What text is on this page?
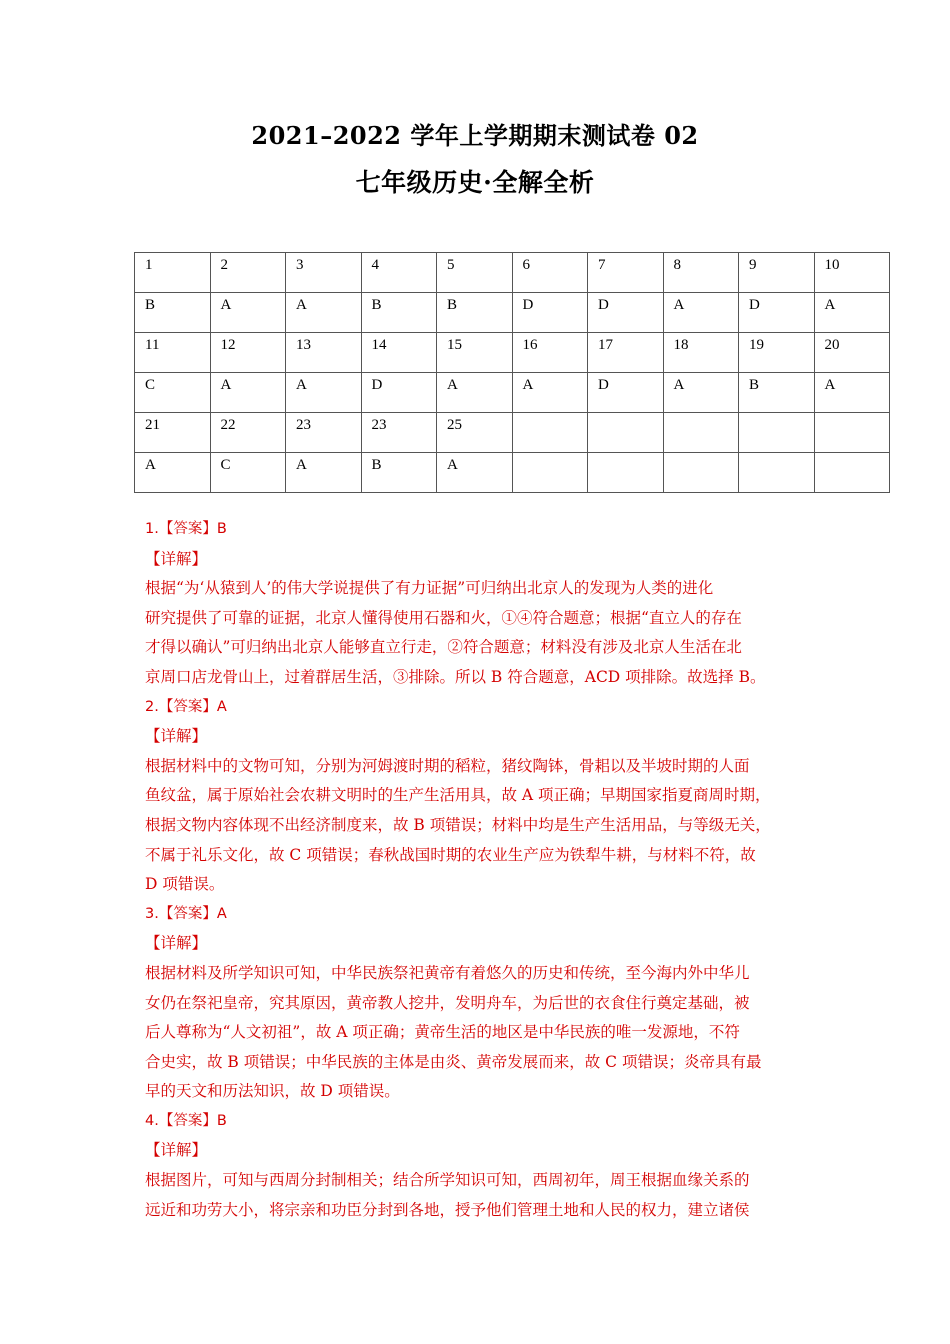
2021–2022 学年上学期期末测试卷 02
七年级历史·全解全析
1	2	3	4	5	6	7	8	9	10
B	A	A	B	B	D	D	A	D	A
11	12	13	14	15	16	17	18	19	20
C	A	A	D	A	A	D	A	B	A
21	22	23	23	25					
A	C	A	B	A					
1.【答案】B
【详解】
根据“为‘从猿到人’的伟大学说提供了有力证据”可归纳出北京人的发现为人类的进化
研究提供了可靠的证据，北京人懂得使用石器和火，①④符合题意；根据“直立人的存在
才得以确认”可归纳出北京人能够直立行走，②符合题意；材料没有涉及北京人生活在北
京周口店龙骨山上，过着群居生活，③排除。所以 B 符合题意，ACD 项排除。故选择 B。
2.【答案】A
【详解】
根据材料中的文物可知，分别为河姆渡时期的稻粒，猪纹陶钵，骨耜以及半坡时期的人面
鱼纹盆，属于原始社会农耕文明时的生产生活用具，故 A 项正确；早期国家指夏商周时期，
根据文物内容体现不出经济制度来，故 B 项错误；材料中均是生产生活用品，与等级无关，
不属于礼乐文化，故 C 项错误；春秋战国时期的农业生产应为铁犁牛耕，与材料不符，故
D 项错误。
3.【答案】A
【详解】
根据材料及所学知识可知，中华民族祭祀黄帝有着悠久的历史和传统，至今海内外中华儿
女仍在祭祀皇帝，究其原因，黄帝教人挖井，发明舟车，为后世的衣食住行奠定基础，被
后人尊称为“人文初祖”，故 A 项正确；黄帝生活的地区是中华民族的唯一发源地，不符
合史实，故 B 项错误；中华民族的主体是由炎、黄帝发展而来，故 C 项错误；炎帝具有最
早的天文和历法知识，故 D 项错误。
4.【答案】B
【详解】
根据图片，可知与西周分封制相关；结合所学知识可知，西周初年，周王根据血缘关系的
远近和功劳大小，将宗亲和功臣分封到各地，授予他们管理土地和人民的权力，建立诸侯
